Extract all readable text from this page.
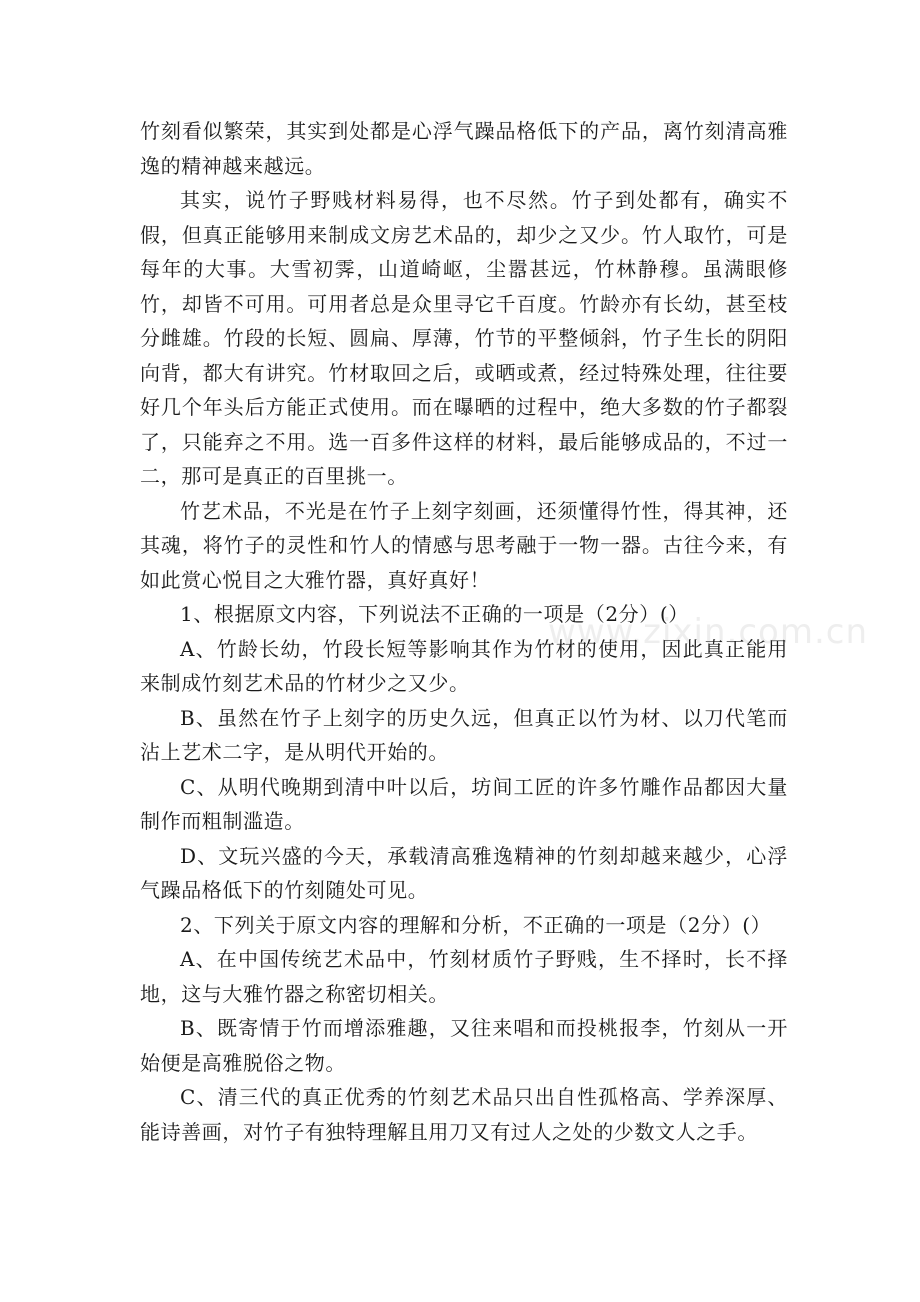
竹刻看似繁荣，其实到处都是心浮气躁品格低下的产品，离竹刻清高雅逸的精神越来越远。

其实，说竹子野贱材料易得，也不尽然。竹子到处都有，确实不假，但真正能够用来制成文房艺术品的，却少之又少。竹人取竹，可是每年的大事。大雪初霁，山道崎岖，尘嚣甚远，竹林静穆。虽满眼修竹，却皆不可用。可用者总是众里寻它千百度。竹龄亦有长幼，甚至枝分雌雄。竹段的长短、圆扁、厚薄，竹节的平整倾斜，竹子生长的阴阳向背，都大有讲究。竹材取回之后，或晒或煮，经过特殊处理，往往要好几个年头后方能正式使用。而在曝晒的过程中，绝大多数的竹子都裂了，只能弃之不用。选一百多件这样的材料，最后能够成品的，不过一二，那可是真正的百里挑一。

竹艺术品，不光是在竹子上刻字刻画，还须懂得竹性，得其神，还其魂，将竹子的灵性和竹人的情感与思考融于一物一器。古往今来，有如此赏心悦目之大雅竹器，真好真好！

1、根据原文内容，下列说法不正确的一项是（2分）(）

A、竹龄长幼，竹段长短等影响其作为竹材的使用，因此真正能用来制成竹刻艺术品的竹材少之又少。

B、虽然在竹子上刻字的历史久远，但真正以竹为材、以刀代笔而沾上艺术二字，是从明代开始的。

C、从明代晚期到清中叶以后，坊间工匠的许多竹雕作品都因大量制作而粗制滥造。

D、文玩兴盛的今天，承载清高雅逸精神的竹刻却越来越少，心浮气躁品格低下的竹刻随处可见。

2、下列关于原文内容的理解和分析，不正确的一项是（2分）(）

A、在中国传统艺术品中，竹刻材质竹子野贱，生不择时，长不择地，这与大雅竹器之称密切相关。

B、既寄情于竹而增添雅趣，又往来唱和而投桃报李，竹刻从一开始便是高雅脱俗之物。

C、清三代的真正优秀的竹刻艺术品只出自性孤格高、学养深厚、能诗善画，对竹子有独特理解且用刀又有过人之处的少数文人之手。

www.zixin.com.cn
